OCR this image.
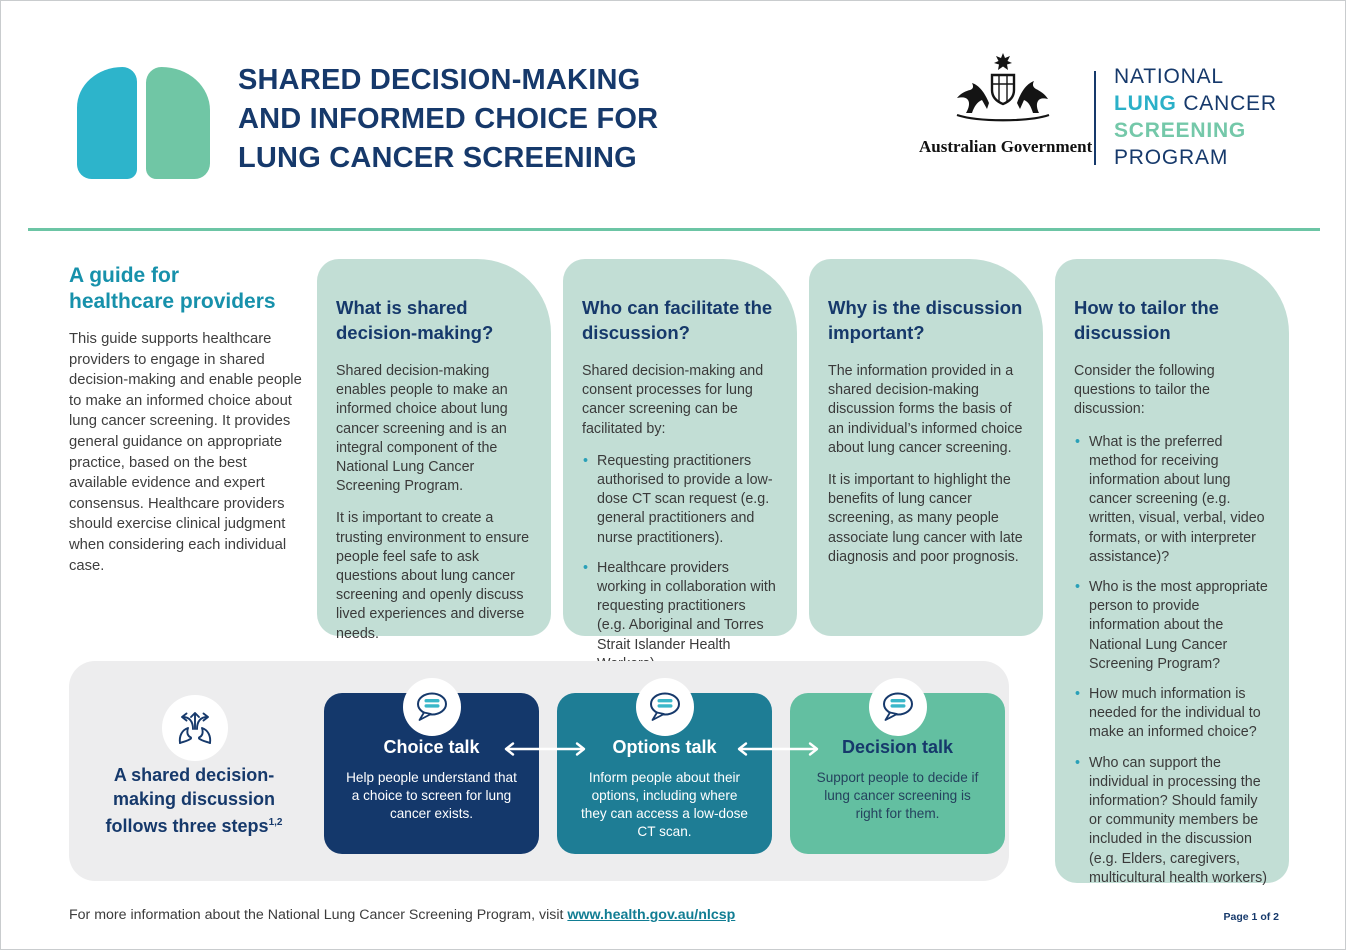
SHARED DECISION-MAKING
AND INFORMED CHOICE FOR
LUNG CANCER SCREENING	Australian Government
NATIONAL
LUNG CANCER
SCREENING
PROGRAM
A guide for
healthcare providers

This guide supports healthcare providers to engage in shared decision-making and enable people to make an informed choice about lung cancer screening. It provides general guidance on appropriate practice, based on the best available evidence and expert consensus. Healthcare providers should exercise clinical judgment when considering each individual case.

What is shared decision-making?

Shared decision-making enables people to make an informed choice about lung cancer screening and is an integral component of the National Lung Cancer Screening Program.

It is important to create a trusting environment to ensure people feel safe to ask questions about lung cancer screening and openly discuss lived experiences and diverse needs.

Who can facilitate the discussion?

Shared decision-making and consent processes for lung cancer screening can be facilitated by:

• Requesting practitioners authorised to provide a low-dose CT scan request (e.g. general practitioners and nurse practitioners).
• Healthcare providers working in collaboration with requesting practitioners (e.g. Aboriginal and Torres Strait Islander Health
Why is the discussion important?

The information provided in a shared decision-making discussion forms the basis of an individual’s informed choice about lung cancer screening.

It is important to highlight the benefits of lung cancer screening, as many people associate lung cancer with late diagnosis and poor prognosis.

How to tailor the discussion

Consider the following questions to tailor the discussion:

• What is the preferred method for receiving information about lung cancer screening (e.g. written, visual, verbal, video formats, or with interpreter assistance)?
• Who is the most appropriate person to provide information about the National Lung Cancer Screening Program?
• How much information is needed for the individual to make an informed choice?
• Who can support the individual in processing the information? Should family or community members be included in the discussion (e.g. Elders, caregivers, multicultural health workers)
A shared decision-
making discussion
follows three steps$^{1,2}$
Choice talk

Help people understand that a choice to screen for lung cancer exists.

Options talk

Inform people about their options, including where they can access a low-dose CT scan.

Decision talk

Support people to decide if lung cancer screening is right for them.

For more information about the National Lung Cancer Screening Program, visit www.health.gov.au/nlcsp	Page 1 of 2
